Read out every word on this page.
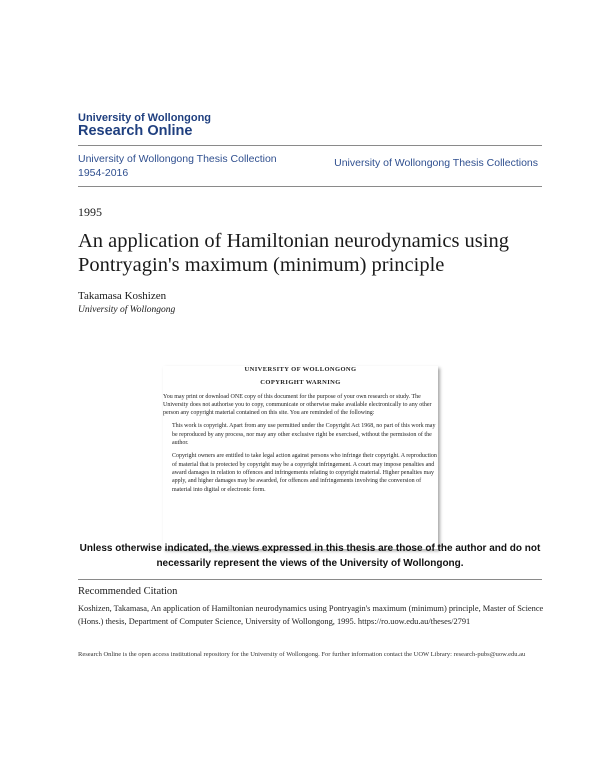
University of Wollongong
Research Online
University of Wollongong Thesis Collection 1954-2016
University of Wollongong Thesis Collections
1995
An application of Hamiltonian neurodynamics using Pontryagin's maximum (minimum) principle
Takamasa Koshizen
University of Wollongong
UNIVERSITY OF WOLLONGONG
COPYRIGHT WARNING

You may print or download ONE copy of this document for the purpose of your own research or study. The University does not authorise you to copy, communicate or otherwise make available electronically to any other person any copyright material contained on this site. You are reminded of the following:

This work is copyright. Apart from any use permitted under the Copyright Act 1968, no part of this work may be reproduced by any process, nor may any other exclusive right be exercised, without the permission of the author.

Copyright owners are entitled to take legal action against persons who infringe their copyright. A reproduction of material that is protected by copyright may be a copyright infringement. A court may impose penalties and award damages in relation to offences and infringements relating to copyright material. Higher penalties may apply, and higher damages may be awarded, for offences and infringements involving the conversion of material into digital or electronic form.

Unless otherwise indicated, the views expressed in this thesis are those of the author and do not necessarily represent the views of the University of Wollongong.
Recommended Citation
Koshizen, Takamasa, An application of Hamiltonian neurodynamics using Pontryagin's maximum (minimum) principle, Master of Science (Hons.) thesis, Department of Computer Science, University of Wollongong, 1995. https://ro.uow.edu.au/theses/2791
Research Online is the open access institutional repository for the University of Wollongong. For further information contact the UOW Library: research-pubs@uow.edu.au
